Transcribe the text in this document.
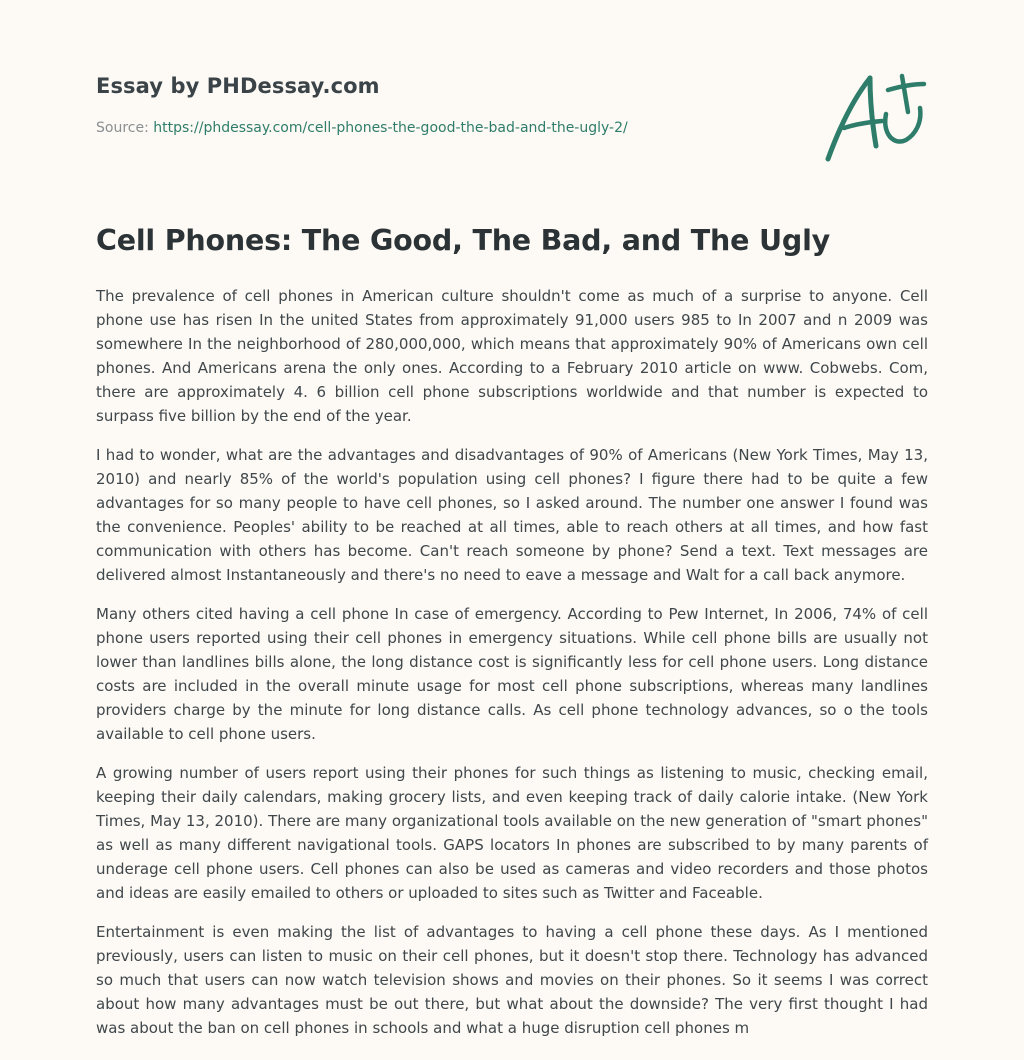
Essay by PHDessay.com
Source: https://phdessay.com/cell-phones-the-good-the-bad-and-the-ugly-2/
Cell Phones: The Good, The Bad, and The Ugly

The prevalence of cell phones in American culture shouldn't come as much of a surprise to anyone. Cell phone use has risen In the united States from approximately 91,000 users 985 to In 2007 and n 2009 was somewhere In the neighborhood of 280,000,000, which means that approximately 90% of Americans own cell phones. And Americans arena the only ones. According to a February 2010 article on www. Cobwebs. Com, there are approximately 4. 6 billion cell phone subscriptions worldwide and that number is expected to surpass five billion by the end of the year.

I had to wonder, what are the advantages and disadvantages of 90% of Americans (New York Times, May 13, 2010) and nearly 85% of the world's population using cell phones? I figure there had to be quite a few advantages for so many people to have cell phones, so I asked around. The number one answer I found was the convenience. Peoples' ability to be reached at all times, able to reach others at all times, and how fast communication with others has become. Can't reach someone by phone? Send a text. Text messages are delivered almost Instantaneously and there's no need to eave a message and Walt for a call back anymore.

Many others cited having a cell phone In case of emergency. According to Pew Internet, In 2006, 74% of cell phone users reported using their cell phones in emergency situations. While cell phone bills are usually not lower than landlines bills alone, the long distance cost is significantly less for cell phone users. Long distance costs are included in the overall minute usage for most cell phone subscriptions, whereas many landlines providers charge by the minute for long distance calls. As cell phone technology advances, so o the tools available to cell phone users.

A growing number of users report using their phones for such things as listening to music, checking email, keeping their daily calendars, making grocery lists, and even keeping track of daily calorie intake. (New York Times, May 13, 2010). There are many organizational tools available on the new generation of "smart phones" as well as many different navigational tools. GAPS locators In phones are subscribed to by many parents of underage cell phone users. Cell phones can also be used as cameras and video recorders and those photos and ideas are easily emailed to others or uploaded to sites such as Twitter and Faceable.

Entertainment is even making the list of advantages to having a cell phone these days. As I mentioned previously, users can listen to music on their cell phones, but it doesn't stop there. Technology has advanced so much that users can now watch television shows and movies on their phones. So it seems I was correct about how many advantages must be out there, but what about the downside? The very first thought I had was about the ban on cell phones in schools and what a huge disruption cell phones m
